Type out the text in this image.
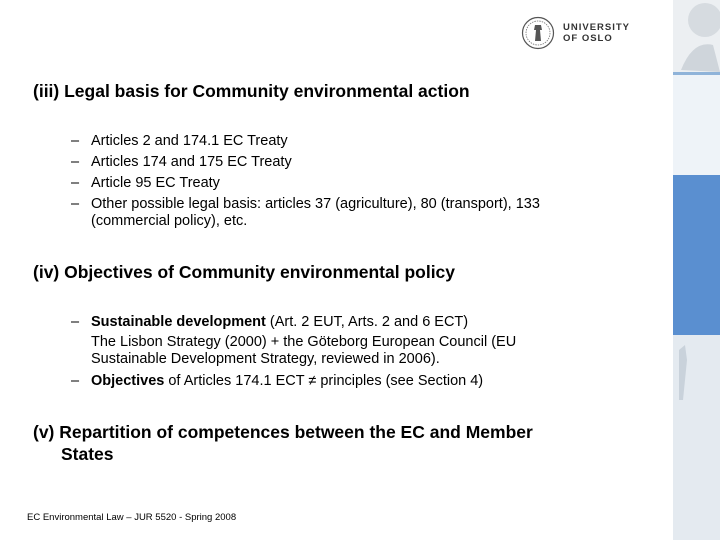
UNIVERSITY
OF OSLO
(iii) Legal basis for Community environmental action
– Articles 2 and 174.1 EC Treaty
– Articles 174 and 175 EC Treaty
– Article 95 EC Treaty
– Other possible legal basis: articles 37 (agriculture), 80 (transport), 133
(commercial policy), etc.
(iv) Objectives of Community environmental policy
– Sustainable development (Art. 2 EUT, Arts. 2 and 6 ECT)
The Lisbon Strategy (2000) + the Göteborg European Council (EU
Sustainable Development Strategy, reviewed in 2006).
– Objectives of Articles 174.1 ECT ≠ principles (see Section 4)
(v) Repartition of competences between the EC and Member
States
EC Environmental Law – JUR 5520 - Spring 2008
